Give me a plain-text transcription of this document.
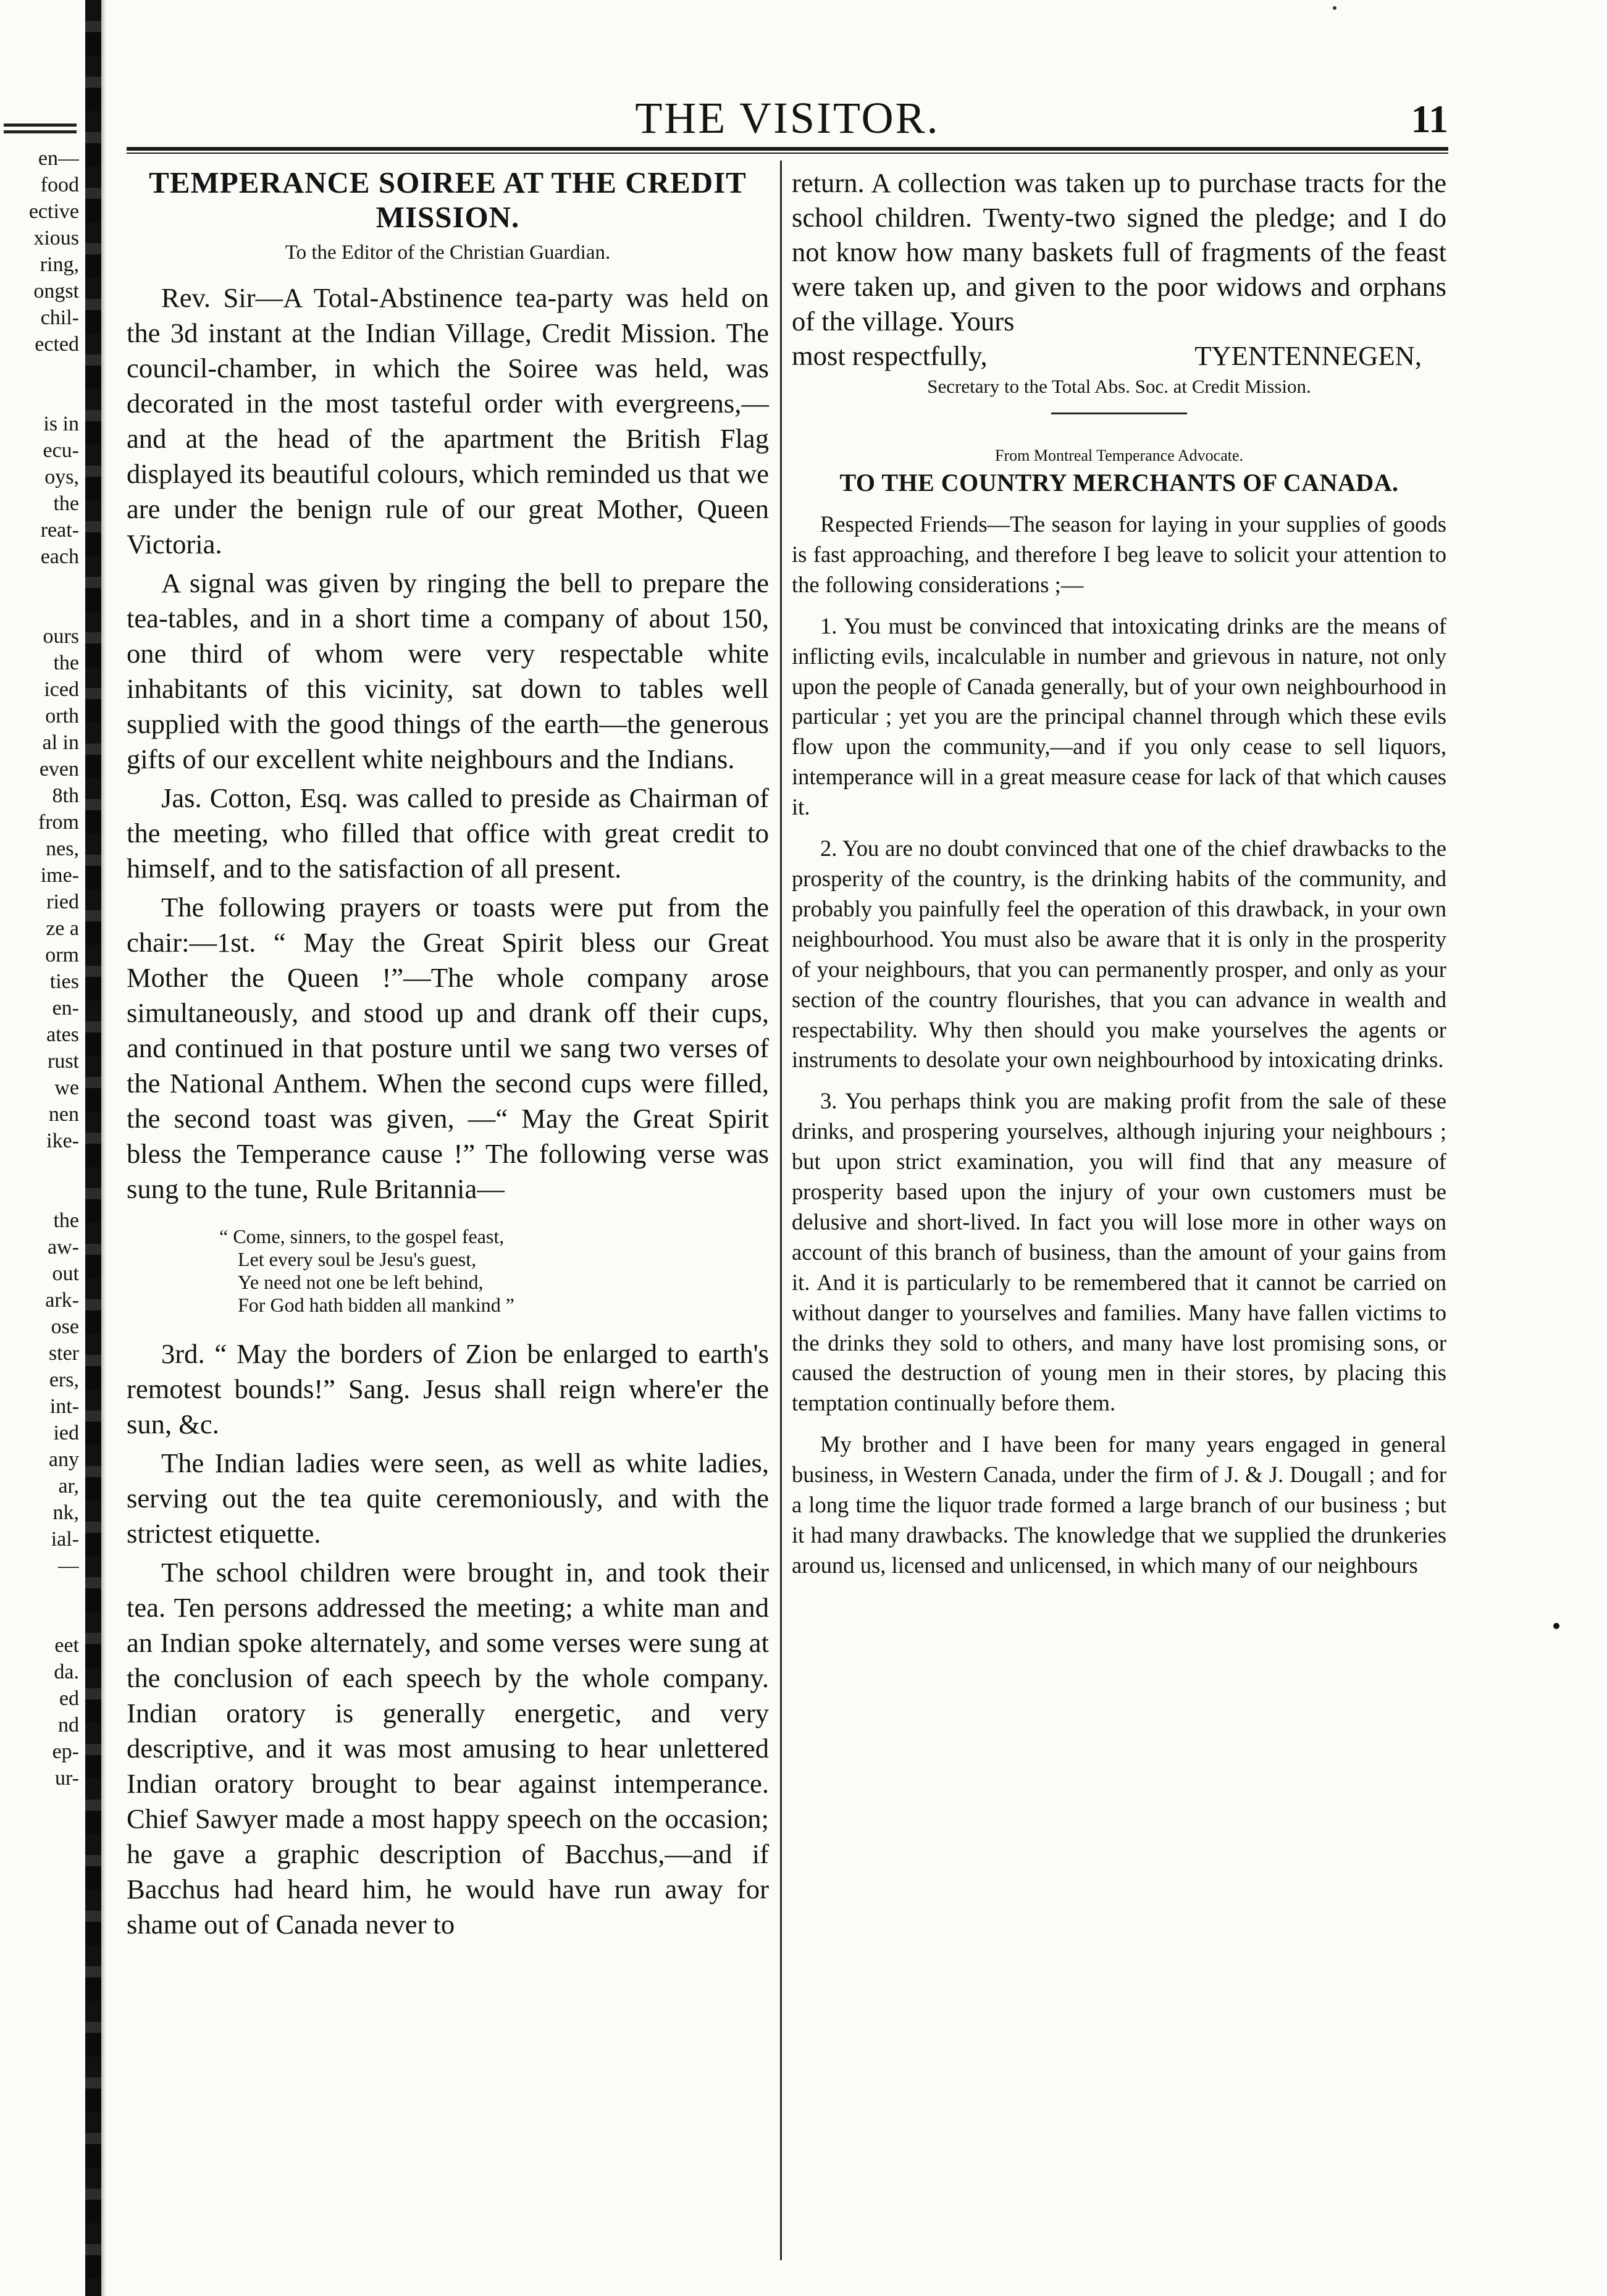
en—
food
ective
xious
ring,
ongst
chil-
ected
is in
ecu-
oys,
the
reat-
each
ours
the
iced
orth
al in
even
8th
from
nes,
ime-
ried
ze a
orm
ties
en-
ates
rust
we
nen
ike-
the
aw-
out
ark-
ose
ster
ers,
int-
ied
any
ar,
nk,
ial-
—
eet
da.
ed
nd
ep-
ur-
THE VISITOR.	11
TEMPERANCE SOIREE AT THE CREDIT MISSION.
To the Editor of the Christian Guardian.

Rev. Sir—A Total-Abstinence tea-party was held on the 3d instant at the Indian Village, Credit Mission. The council-chamber, in which the Soiree was held, was decorated in the most tasteful order with evergreens,—and at the head of the apartment the British Flag displayed its beautiful colours, which reminded us that we are under the benign rule of our great Mother, Queen Victoria.

A signal was given by ringing the bell to prepare the tea-tables, and in a short time a company of about 150, one third of whom were very respectable white inhabitants of this vicinity, sat down to tables well supplied with the good things of the earth—the generous gifts of our excellent white neighbours and the Indians.

Jas. Cotton, Esq. was called to preside as Chairman of the meeting, who filled that office with great credit to himself, and to the satisfaction of all present.

The following prayers or toasts were put from the chair:—1st. “ May the Great Spirit bless our Great Mother the Queen !”—The whole company arose simultaneously, and stood up and drank off their cups, and continued in that posture until we sang two verses of the National Anthem. When the second cups were filled, the second toast was given, —“ May the Great Spirit bless the Temperance cause !” The following verse was sung to the tune, Rule Britannia—

“ Come, sinners, to the gospel feast,
Let every soul be Jesu's guest,
Ye need not one be left behind,
For God hath bidden all mankind ”

3rd. “ May the borders of Zion be enlarged to earth's remotest bounds!” Sang. Jesus shall reign where'er the sun, &c.

The Indian ladies were seen, as well as white ladies, serving out the tea quite ceremoniously, and with the strictest etiquette.

The school children were brought in, and took their tea. Ten persons addressed the meeting; a white man and an Indian spoke alternately, and some verses were sung at the conclusion of each speech by the whole company. Indian oratory is generally energetic, and very descriptive, and it was most amusing to hear unlettered Indian oratory brought to bear against intemperance. Chief Sawyer made a most happy speech on the occasion; he gave a graphic description of Bacchus,—and if Bacchus had heard him, he would have run away for shame out of Canada never to

return. A collection was taken up to purchase tracts for the school children. Twenty-two signed the pledge; and I do not know how many baskets full of fragments of the feast were taken up, and given to the poor widows and orphans of the village. Yours

most respectfully,	TYENTENNEGEN,
Secretary to the Total Abs. Soc. at Credit Mission.
From Montreal Temperance Advocate.
TO THE COUNTRY MERCHANTS OF CANADA.

Respected Friends—The season for laying in your supplies of goods is fast approaching, and therefore I beg leave to solicit your attention to the following considerations ;—

1. You must be convinced that intoxicating drinks are the means of inflicting evils, incalculable in number and grievous in nature, not only upon the people of Canada generally, but of your own neighbourhood in particular ; yet you are the principal channel through which these evils flow upon the community,—and if you only cease to sell liquors, intemperance will in a great measure cease for lack of that which causes it.

2. You are no doubt convinced that one of the chief drawbacks to the prosperity of the country, is the drinking habits of the community, and probably you painfully feel the operation of this drawback, in your own neighbourhood. You must also be aware that it is only in the prosperity of your neighbours, that you can permanently prosper, and only as your section of the country flourishes, that you can advance in wealth and respectability. Why then should you make yourselves the agents or instruments to desolate your own neighbourhood by intoxicating drinks.

3. You perhaps think you are making profit from the sale of these drinks, and prospering yourselves, although injuring your neighbours ; but upon strict examination, you will find that any measure of prosperity based upon the injury of your own customers must be delusive and short-lived. In fact you will lose more in other ways on account of this branch of business, than the amount of your gains from it. And it is particularly to be remembered that it cannot be carried on without danger to yourselves and families. Many have fallen victims to the drinks they sold to others, and many have lost promising sons, or caused the destruction of young men in their stores, by placing this temptation continually before them.

My brother and I have been for many years engaged in general business, in Western Canada, under the firm of J. & J. Dougall ; and for a long time the liquor trade formed a large branch of our business ; but it had many drawbacks. The knowledge that we supplied the drunkeries around us, licensed and unlicensed, in which many of our neighbours
